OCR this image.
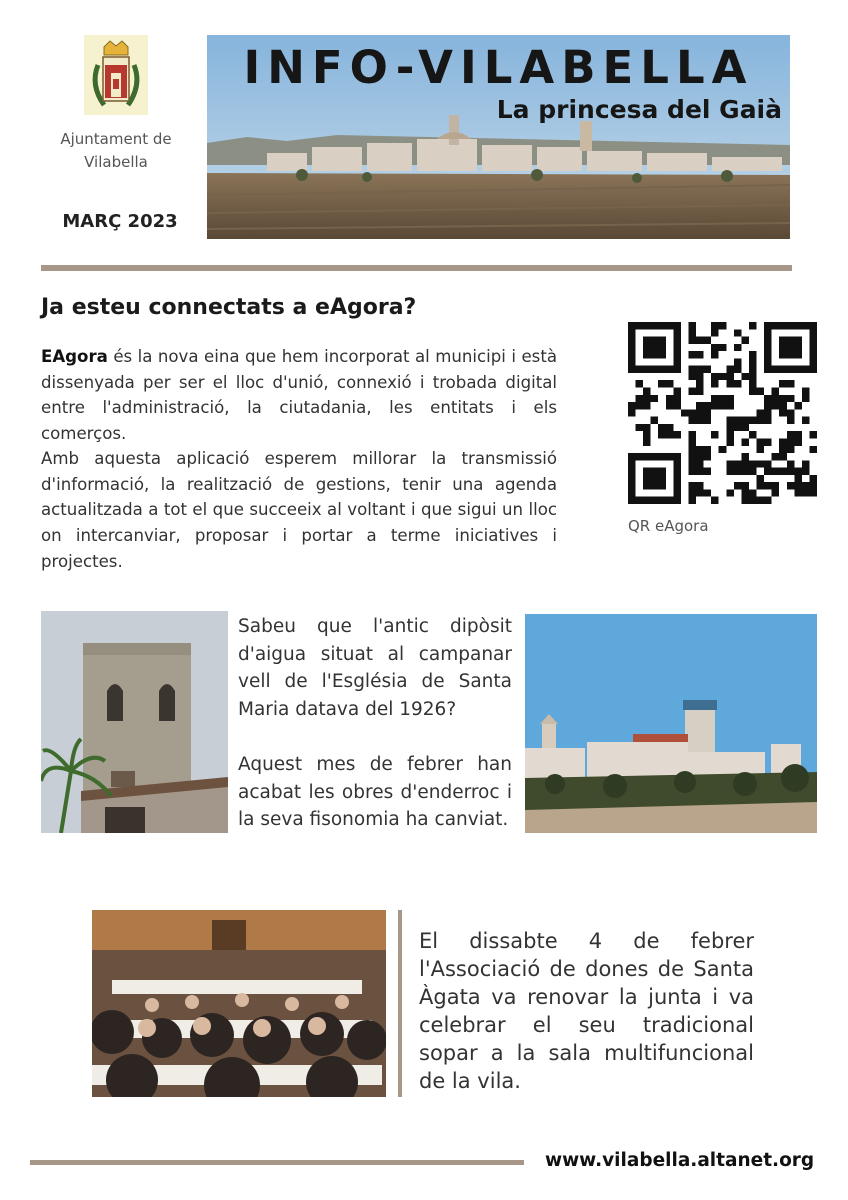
Ajuntament de Vilabella
MARÇ 2023
INFO-VILABELLA
La princesa del Gaià
Ja esteu connectats a eAgora?
EAgora és la nova eina que hem incorporat al municipi i està dissenyada per ser el lloc d'unió, connexió i trobada digital entre l'administració, la ciutadania, les entitats i els comerços.
Amb aquesta aplicació esperem millorar la transmissió d'informació, la realització de gestions, tenir una agenda actualitzada a tot el que succeeix al voltant i que sigui un lloc on intercanviar, proposar i portar a terme iniciatives i projectes.
QR eAgora
Sabeu que l'antic dipòsit d'aigua situat al campanar vell de l'Església de Santa Maria datava del 1926?
Aquest mes de febrer han acabat les obres d'enderroc i la seva fisonomia ha canviat.
El dissabte 4 de febrer l'Associació de dones de Santa Àgata va renovar la junta i va celebrar el seu tradicional sopar a la sala multifuncional de la vila.
www.vilabella.altanet.org
